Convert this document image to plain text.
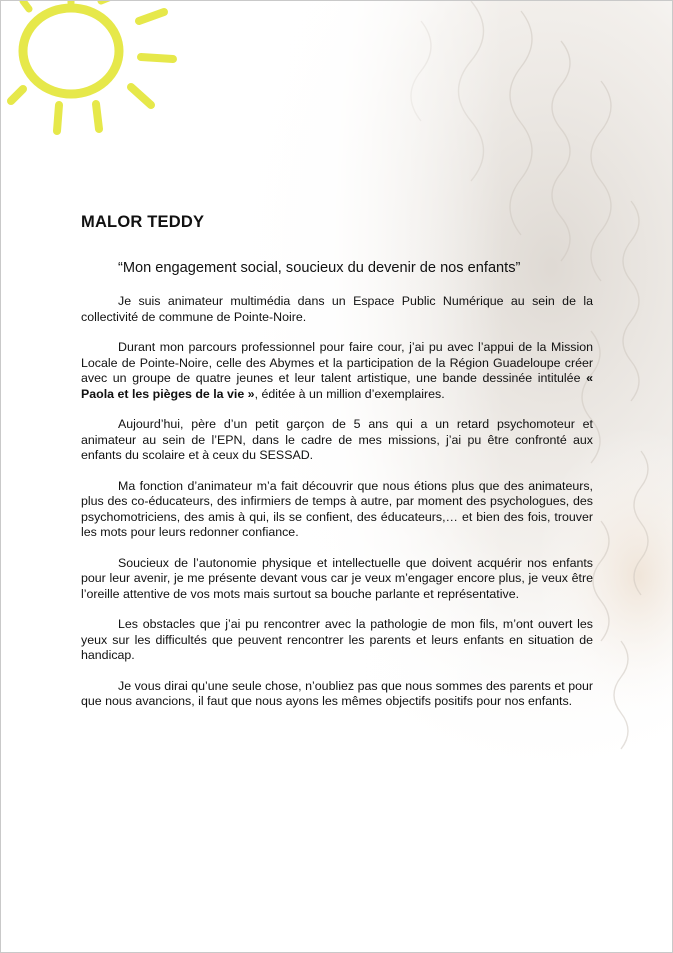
MALOR TEDDY

“Mon engagement social, soucieux du devenir de nos enfants”

Je suis animateur multimédia dans un Espace Public Numérique au sein de la collectivité de commune de Pointe-Noire.

Durant mon parcours professionnel pour faire cour, j’ai pu avec l’appui de la Mission Locale de Pointe-Noire, celle des Abymes et la participation de la Région Guadeloupe créer avec un groupe de quatre jeunes et leur talent artistique, une bande dessinée intitulée « Paola et les pièges de la vie », éditée à un million d’exemplaires.

Aujourd’hui, père d’un petit garçon de 5 ans qui a un retard psychomoteur et animateur au sein de l’EPN, dans le cadre de mes missions, j’ai pu être confronté aux enfants du scolaire et à ceux du SESSAD.

Ma fonction d’animateur m’a fait découvrir que nous étions plus que des animateurs, plus des co-éducateurs, des infirmiers de temps à autre, par moment des psychologues, des psychomotriciens, des amis à qui, ils se confient, des éducateurs,… et bien des fois, trouver les mots pour leurs redonner confiance.

Soucieux de l’autonomie physique et intellectuelle que doivent acquérir nos enfants pour leur avenir, je me présente devant vous car je veux m’engager encore plus, je veux être l’oreille attentive de vos mots mais surtout sa bouche parlante et représentative.

Les obstacles que j’ai pu rencontrer avec la pathologie de mon fils, m’ont ouvert les yeux sur les difficultés que peuvent rencontrer les parents et leurs enfants en situation de handicap.

Je vous dirai qu’une seule chose, n’oubliez pas que nous sommes des parents et pour que nous avancions, il faut que nous ayons les mêmes objectifs positifs pour nos enfants.
